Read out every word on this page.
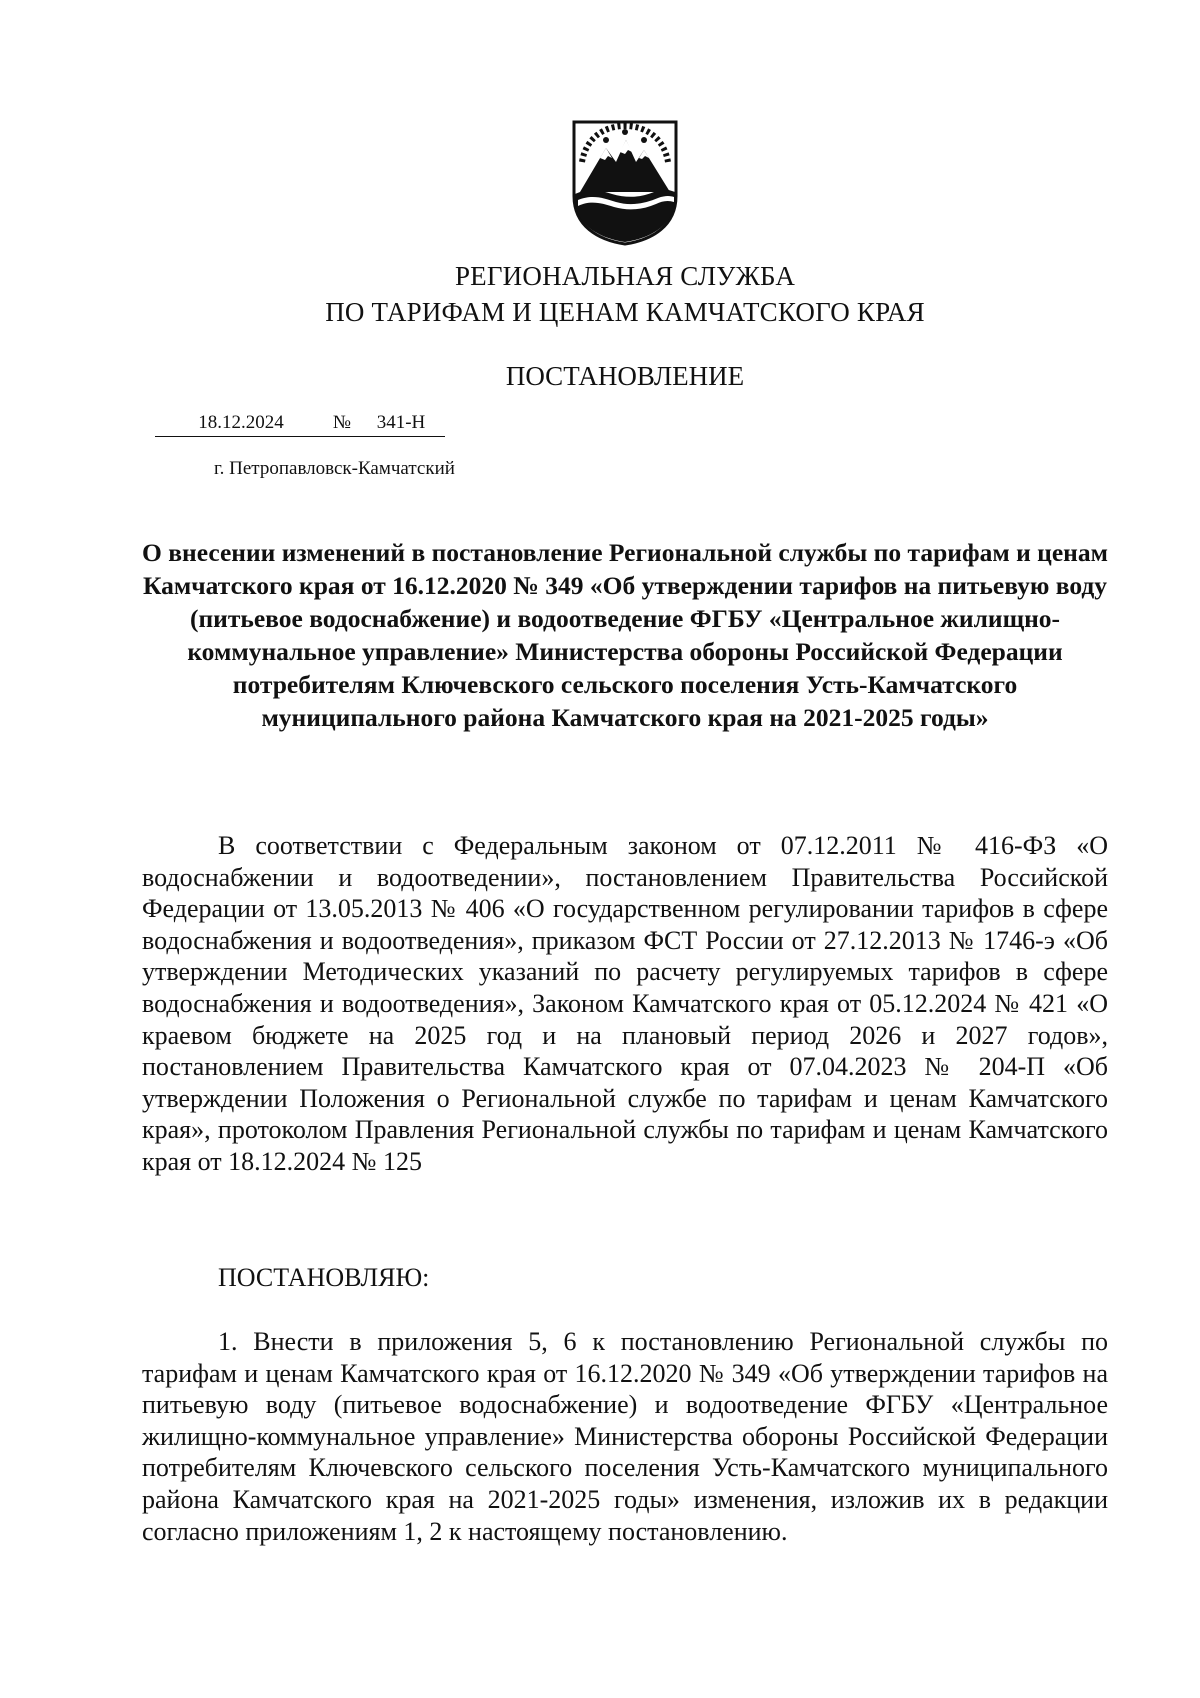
РЕГИОНАЛЬНАЯ СЛУЖБА
ПО ТАРИФАМ И ЦЕНАМ КАМЧАТСКОГО КРАЯ
ПОСТАНОВЛЕНИЕ
18.12.2024	№ 341-Н
г. Петропавловск-Камчатский
О внесении изменений в постановление Региональной службы по тарифам и ценам Камчатского края от 16.12.2020 № 349 «Об утверждении тарифов на питьевую воду (питьевое водоснабжение) и водоотведение ФГБУ «Центральное жилищно-коммунальное управление» Министерства обороны Российской Федерации потребителям Ключевского сельского поселения Усть-Камчатского муниципального района Камчатского края на 2021-2025 годы»
В соответствии с Федеральным законом от 07.12.2011 № 416-ФЗ «О водоснабжении и водоотведении», постановлением Правительства Российской Федерации от 13.05.2013 № 406 «О государственном регулировании тарифов в сфере водоснабжения и водоотведения», приказом ФСТ России от 27.12.2013 № 1746-э «Об утверждении Методических указаний по расчету регулируемых тарифов в сфере водоснабжения и водоотведения», Законом Камчатского края от 05.12.2024 № 421 «О краевом бюджете на 2025 год и на плановый период 2026 и 2027 годов», постановлением Правительства Камчатского края от 07.04.2023 № 204-П «Об утверждении Положения о Региональной службе по тарифам и ценам Камчатского края», протоколом Правления Региональной службы по тарифам и ценам Камчатского края от 18.12.2024 № 125
ПОСТАНОВЛЯЮ:
1. Внести в приложения 5, 6 к постановлению Региональной службы по тарифам и ценам Камчатского края от 16.12.2020 № 349 «Об утверждении тарифов на питьевую воду (питьевое водоснабжение) и водоотведение ФГБУ «Центральное жилищно-коммунальное управление» Министерства обороны Российской Федерации потребителям Ключевского сельского поселения Усть-Камчатского муниципального района Камчатского края на 2021-2025 годы» изменения, изложив их в редакции согласно приложениям 1, 2 к настоящему постановлению.
